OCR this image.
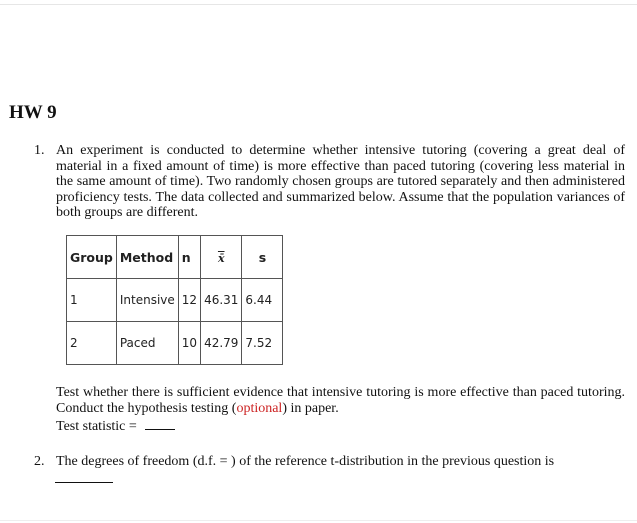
HW 9
1. An experiment is conducted to determine whether intensive tutoring (covering a great deal of material in a fixed amount of time) is more effective than paced tutoring (covering less material in the same amount of time). Two randomly chosen groups are tutored separately and then administered proficiency tests. The data collected and summarized below. Assume that the population variances of both groups are different.
Group	Method	n	x̄	s
1	Intensive	12	46.31	6.44
2	Paced	10	42.79	7.52
Test whether there is sufficient evidence that intensive tutoring is more effective than paced tutoring. Conduct the hypothesis testing (optional) in paper.
Test statistic =
2. The degrees of freedom (d.f. = ) of the reference t-distribution in the previous question is
